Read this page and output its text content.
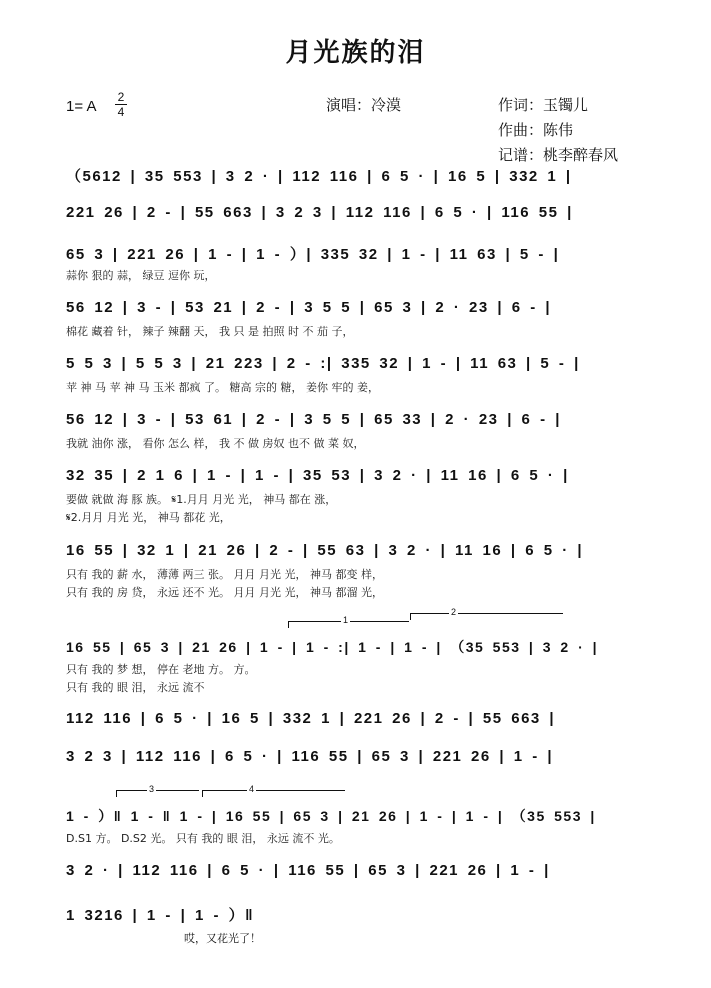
月光族的泪
1= A
2
4	演唱：冷漠	作词：玉镯儿
作曲：陈伟
记谱：桃李醉春风
（5612 | 35 553 | 3 2 · | 112 116 | 6 5 · | 16 5 | 332 1 |
221 26 | 2 - | 55 663 | 3 2 3 | 112 116 | 6 5 · | 116 55 |
65 3 | 221 26 | 1 - | 1 - ）| 335 32 | 1 - | 11 63 | 5 - |
蒜你 狠的 蒜， 绿豆 逗你 玩，
56 12 | 3 - | 53 21 | 2 - | 3 5 5 | 65 3 | 2 · 23 | 6 - |
棉花 藏着 针， 辣子 辣翻 天， 我 只 是 拍照 时 不 茄 子，
5 5 3 | 5 5 3 | 21 223 | 2 - :| 335 32 | 1 - | 11 63 | 5 - |
苹 神 马 苹 神 马 玉米 都疯 了。 糖高 宗的 糖， 姜你 牢的 姜，
56 12 | 3 - | 53 61 | 2 - | 3 5 5 | 65 33 | 2 · 23 | 6 - |
我就 油你 涨， 看你 怎么 样， 我 不 做 房奴 也不 做 菜 奴，
32 35 | 2 1 6 | 1 - | 1 - | 35 53 | 3 2 · | 11 16 | 6 5 · |
要做 就做 海 豚 族。 𝄋1.月月 月光 光， 神马 都在 涨，
𝄋2.月月 月光 光， 神马 都花 光，
16 55 | 32 1 | 21 26 | 2 - | 55 63 | 3 2 · | 11 16 | 6 5 · |
只有 我的 薪 水， 薄薄 两三 张。 月月 月光 光， 神马 都变 样，
只有 我的 房 贷， 永远 还不 光。 月月 月光 光， 神马 都溜 光，
1
2
16 55 | 65 3 | 21 26 | 1 - | 1 - :| 1 - | 1 - | （35 553 | 3 2 · |
只有 我的 梦 想， 停在 老地 方。 方。
只有 我的 眼 泪， 永远 流不
112 116 | 6 5 · | 16 5 | 332 1 | 221 26 | 2 - | 55 663 |
3 2 3 | 112 116 | 6 5 · | 116 55 | 65 3 | 221 26 | 1 - |
3	4
1 - ）‖ 1 - ‖ 1 - | 16 55 | 65 3 | 21 26 | 1 - | 1 - | （35 553 |
D.S1 方。 D.S2 光。 只有 我的 眼 泪， 永远 流不 光。
3 2 · | 112 116 | 6 5 · | 116 55 | 65 3 | 221 26 | 1 - |
1 3216 | 1 - | 1 - ）‖
哎，又花光了！
